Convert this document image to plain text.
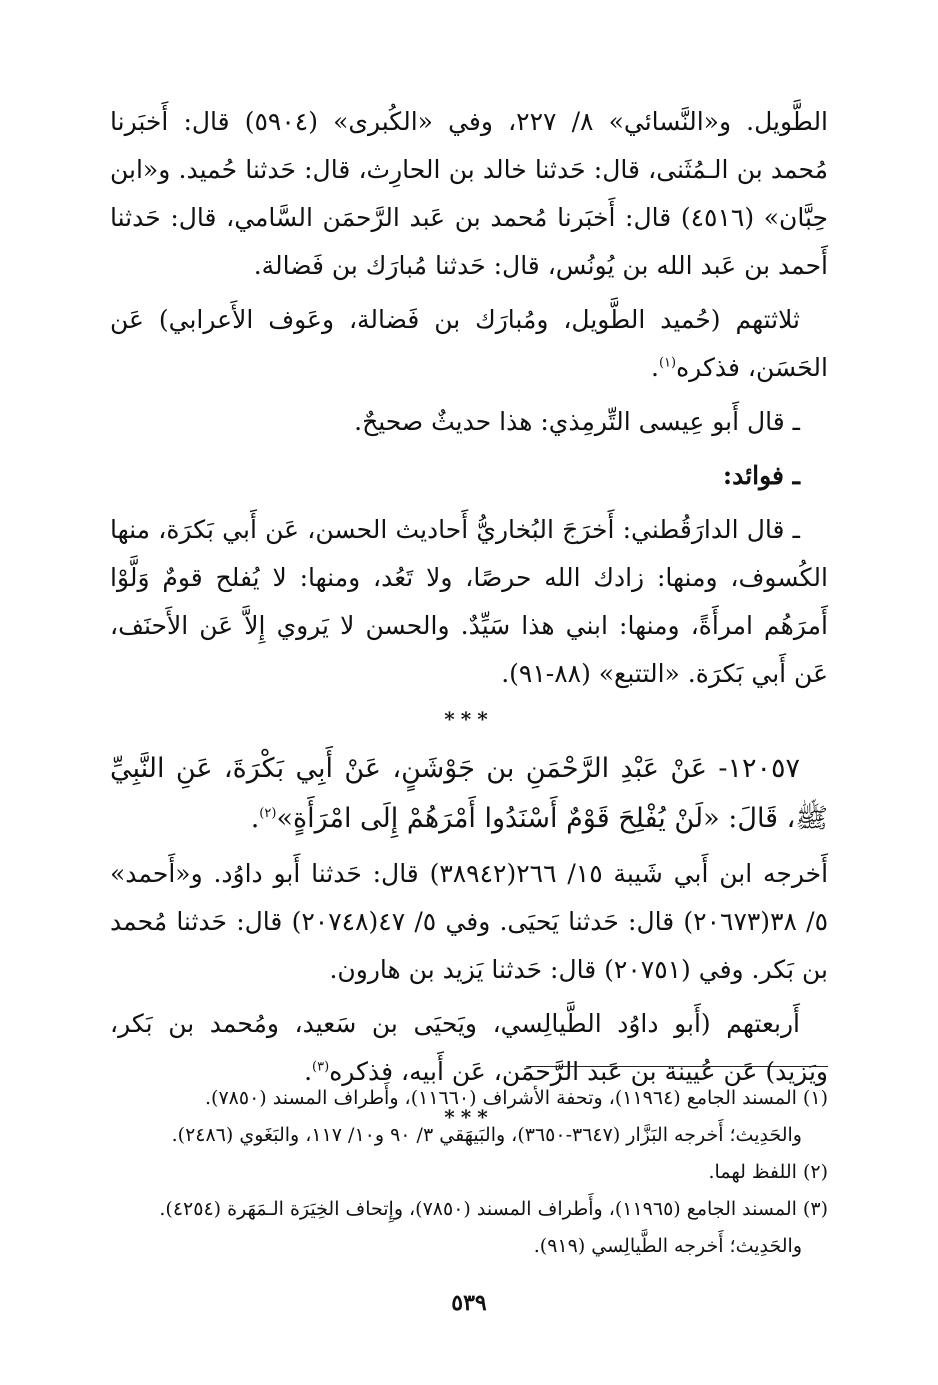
الطَّويل. و«النَّسائي» ٨/ ٢٢٧، وفي «الكُبرى» (٥٩٠٤) قال: أَخبَرنا مُحمد بن الـمُثَنى، قال: حَدثنا خالد بن الحارِث، قال: حَدثنا حُميد. و«ابن حِبَّان» (٤٥١٦) قال: أَخبَرنا مُحمد بن عَبد الرَّحمَن السَّامي، قال: حَدثنا أَحمد بن عَبد الله بن يُونُس، قال: حَدثنا مُبارَك بن فَضالة.

ثلاثتهم (حُميد الطَّويل، ومُبارَك بن فَضالة، وعَوف الأَعرابي) عَن الحَسَن، فذكره$^{(١)}$.

ـ قال أَبو عِيسى التِّرمِذي: هذا حديثٌ صحيحٌ.

ـ فوائد:

ـ قال الدارَقُطني: أَخرَجَ البُخاريُّ أَحاديث الحسن، عَن أَبي بَكرَة، منها الكُسوف، ومنها: زادك الله حرصًا، ولا تَعُد، ومنها: لا يُفلح قومٌ وَلَّوْا أَمرَهُم امرأَةً، ومنها: ابني هذا سَيِّدٌ. والحسن لا يَروي إِلاَّ عَن الأَحنَف، عَن أَبي بَكرَة. «التتبع» (٨٨-٩١).

***

١٢٠٥٧- عَنْ عَبْدِ الرَّحْمَنِ بن جَوْشَنٍ، عَنْ أَبِي بَكْرَةَ، عَنِ النَّبِيِّ ﷺ، قَالَ: «لَنْ يُفْلِحَ قَوْمٌ أَسْنَدُوا أَمْرَهُمْ إِلَى امْرَأَةٍ»$^{(٢)}$.

أَخرجه ابن أَبي شَيبة ١٥/ ٢٦٦(٣٨٩٤٢) قال: حَدثنا أَبو داوُد. و«أَحمد» ٥/ ٣٨(٢٠٦٧٣) قال: حَدثنا يَحيَى. وفي ٥/ ٤٧(٢٠٧٤٨) قال: حَدثنا مُحمد بن بَكر. وفي (٢٠٧٥١) قال: حَدثنا يَزيد بن هارون.

أَربعتهم (أَبو داوُد الطَّيالِسي، ويَحيَى بن سَعيد، ومُحمد بن بَكر، ويَزيد) عَن عُيينة بن عَبد الرَّحمَن، عَن أَبيه، فذكره$^{(٣)}$.

***

(١) المسند الجامع (١١٩٦٤)، وتحفة الأشراف (١١٦٦٠)، وأَطراف المسند (٧٨٥٠).

والحَدِيث؛ أَخرجه البَزَّار (٣٦٤٧-٣٦٥٠)، والبَيهَقي ٣/ ٩٠ و١٠/ ١١٧، والبَغَوي (٢٤٨٦).

(٢) اللفظ لهما.

(٣) المسند الجامع (١١٩٦٥)، وأَطراف المسند (٧٨٥٠)، وإِتحاف الخِيَرَة الـمَهَرة (٤٢٥٤).

والحَدِيث؛ أَخرجه الطَّيالِسي (٩١٩).

٥٣٩
